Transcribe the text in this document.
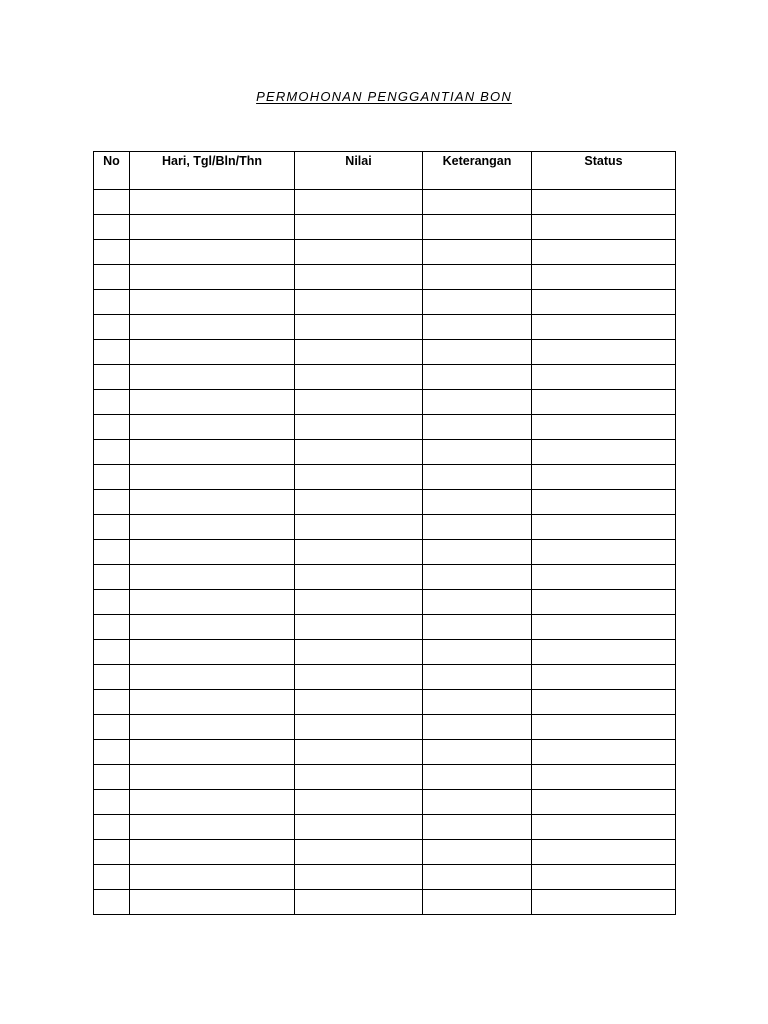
PERMOHONAN PENGGANTIAN BON
No	Hari, Tgl/Bln/Thn	Nilai	Keterangan	Status
